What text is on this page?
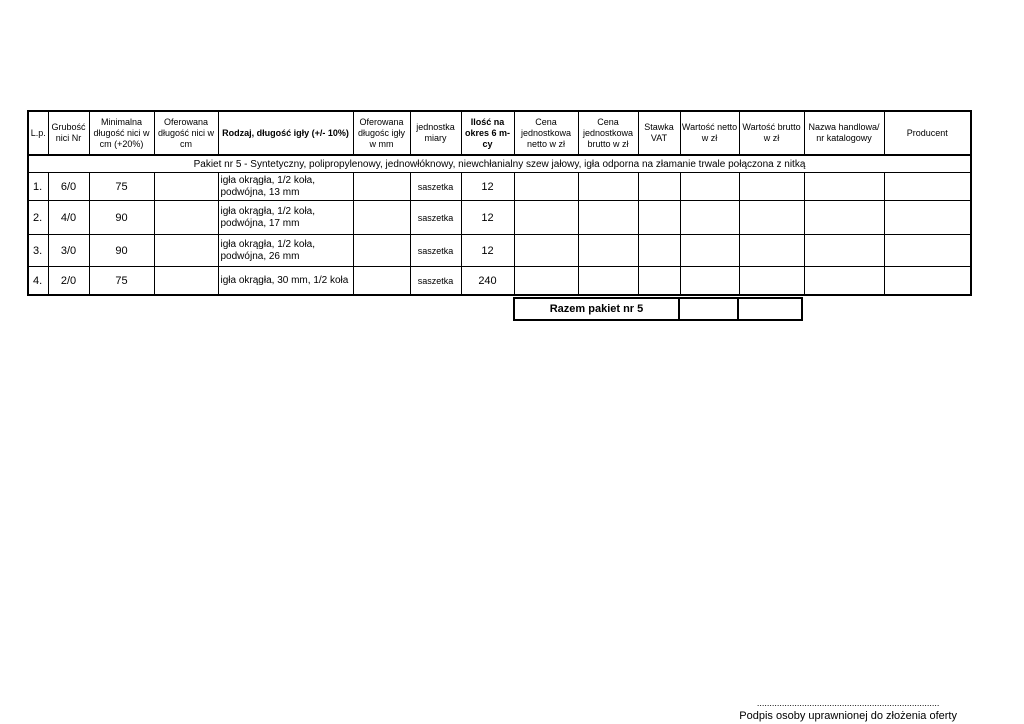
L.p.	Grubość nici Nr	Minimalna długość nici w cm (+20%)	Oferowana długość nici w cm	Rodzaj, długość igły (+/- 10%)	Oferowana długośc igły w mm	jednostka miary	Ilość na okres 6 m-cy	Cena jednostkowa netto w zł	Cena jednostkowa brutto w zł	Stawka VAT	Wartość netto w zł	Wartość brutto w zł	Nazwa handlowa/ nr katalogowy	Producent
Pakiet nr 5 - Syntetyczny, polipropylenowy, jednowłóknowy, niewchłanialny szew jałowy, igła odporna na złamanie trwale połączona z nitką														
1.	6/0	75		igła okrągła, 1/2 koła, podwójna, 13 mm		saszetka	12							
2.	4/0	90		igła okrągła, 1/2 koła, podwójna, 17 mm		saszetka	12							
3.	3/0	90		igła okrągła, 1/2 koła, podwójna, 26 mm		saszetka	12							
4.	2/0	75		igła okrągła, 30 mm, 1/2 koła		saszetka	240							
Razem pakiet nr 5		
.........................................................................
Podpis osoby uprawnionej do złożenia oferty
